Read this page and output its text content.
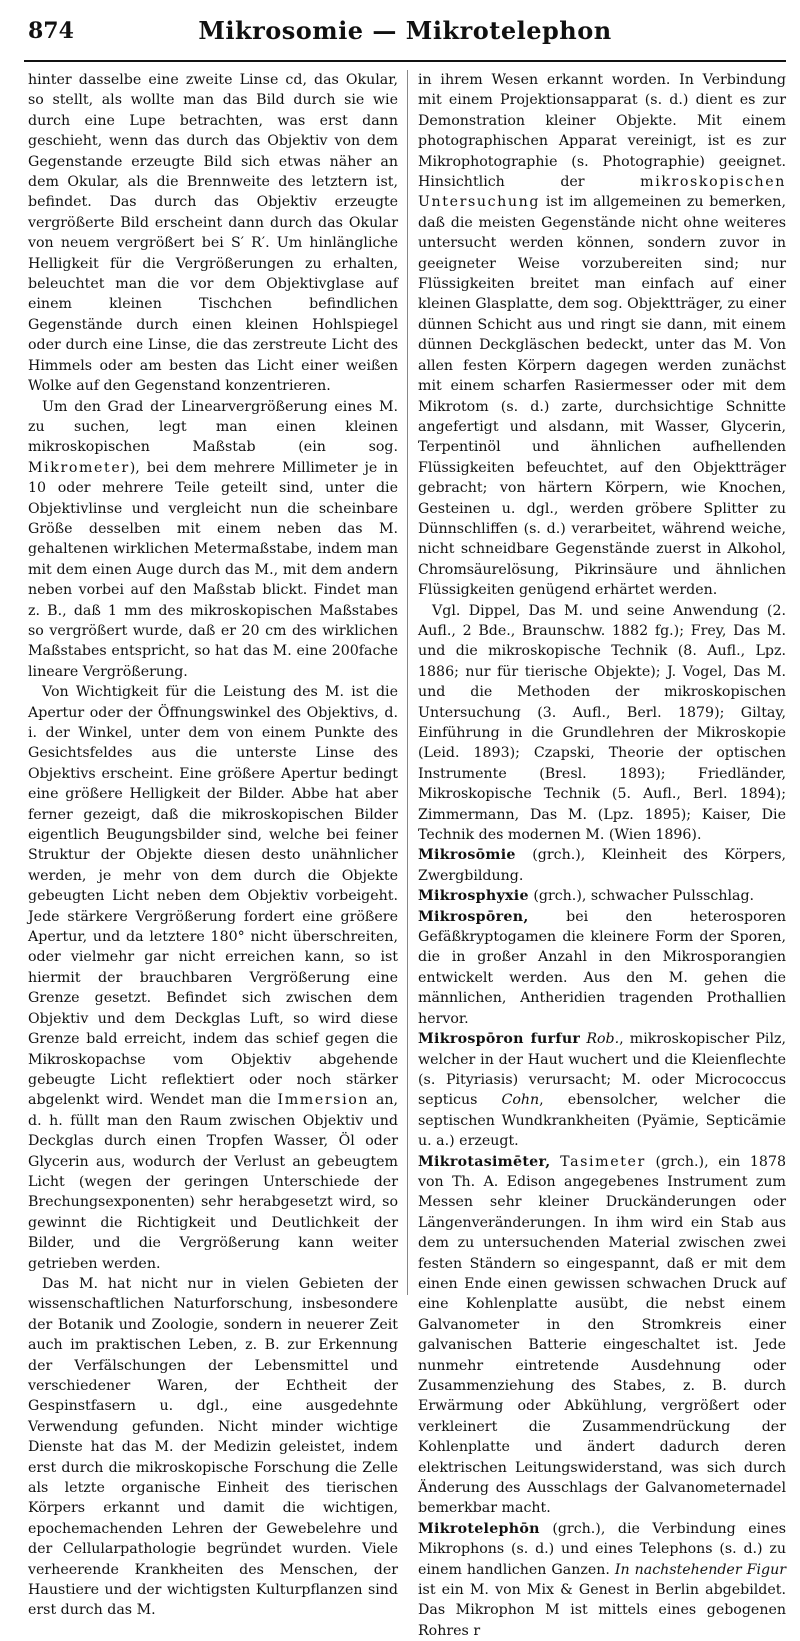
874	Mikrosomie — Mikrotelephon

hinter dasselbe eine zweite Linse cd, das Okular, so stellt, als wollte man das Bild durch sie wie durch eine Lupe betrachten, was erst dann geschieht, wenn das durch das Objektiv von dem Gegenstande erzeugte Bild sich etwas näher an dem Okular, als die Brennweite des letztern ist, befindet. Das durch das Objektiv erzeugte vergrößerte Bild erscheint dann durch das Okular von neuem vergrößert bei S′ R′. Um hinlängliche Helligkeit für die Vergrößerungen zu erhalten, beleuchtet man die vor dem Objektivglase auf einem kleinen Tischchen befindlichen Gegenstände durch einen kleinen Hohlspiegel oder durch eine Linse, die das zerstreute Licht des Himmels oder am besten das Licht einer weißen Wolke auf den Gegenstand konzentrieren.

Um den Grad der Linearvergrößerung eines M. zu suchen, legt man einen kleinen mikroskopischen Maßstab (ein sog. Mikrometer), bei dem mehrere Millimeter je in 10 oder mehrere Teile geteilt sind, unter die Objektivlinse und vergleicht nun die scheinbare Größe desselben mit einem neben das M. gehaltenen wirklichen Metermaßstabe, indem man mit dem einen Auge durch das M., mit dem andern neben vorbei auf den Maßstab blickt. Findet man z. B., daß 1 mm des mikroskopischen Maßstabes so vergrößert wurde, daß er 20 cm des wirklichen Maßstabes entspricht, so hat das M. eine 200fache lineare Vergrößerung.

Von Wichtigkeit für die Leistung des M. ist die Apertur oder der Öffnungswinkel des Objektivs, d. i. der Winkel, unter dem von einem Punkte des Gesichtsfeldes aus die unterste Linse des Objektivs erscheint. Eine größere Apertur bedingt eine größere Helligkeit der Bilder. Abbe hat aber ferner gezeigt, daß die mikroskopischen Bilder eigentlich Beugungsbilder sind, welche bei feiner Struktur der Objekte diesen desto unähnlicher werden, je mehr von dem durch die Objekte gebeugten Licht neben dem Objektiv vorbeigeht. Jede stärkere Vergrößerung fordert eine größere Apertur, und da letztere 180° nicht überschreiten, oder vielmehr gar nicht erreichen kann, so ist hiermit der brauchbaren Vergrößerung eine Grenze gesetzt. Befindet sich zwischen dem Objektiv und dem Deckglas Luft, so wird diese Grenze bald erreicht, indem das schief gegen die Mikroskopachse vom Objektiv abgehende gebeugte Licht reflektiert oder noch stärker abgelenkt wird. Wendet man die Immersion an, d. h. füllt man den Raum zwischen Objektiv und Deckglas durch einen Tropfen Wasser, Öl oder Glycerin aus, wodurch der Verlust an gebeugtem Licht (wegen der geringen Unterschiede der Brechungsexponenten) sehr herabgesetzt wird, so gewinnt die Richtigkeit und Deutlichkeit der Bilder, und die Vergrößerung kann weiter getrieben werden.

Das M. hat nicht nur in vielen Gebieten der wissenschaftlichen Naturforschung, insbesondere der Botanik und Zoologie, sondern in neuerer Zeit auch im praktischen Leben, z. B. zur Erkennung der Verfälschungen der Lebensmittel und verschiedener Waren, der Echtheit der Gespinstfasern u. dgl., eine ausgedehnte Verwendung gefunden. Nicht minder wichtige Dienste hat das M. der Medizin geleistet, indem erst durch die mikroskopische Forschung die Zelle als letzte organische Einheit des tierischen Körpers erkannt und damit die wichtigen, epochemachenden Lehren der Gewebelehre und der Cellularpathologie begründet wurden. Viele verheerende Krankheiten des Menschen, der Haustiere und der wichtigsten Kulturpflanzen sind erst durch das M.

in ihrem Wesen erkannt worden. In Verbindung mit einem Projektionsapparat (s. d.) dient es zur Demonstration kleiner Objekte. Mit einem photographischen Apparat vereinigt, ist es zur Mikrophotographie (s. Photographie) geeignet. Hinsichtlich der	mikroskopischen Untersuchung ist im allgemeinen zu bemerken, daß die meisten Gegenstände nicht ohne weiteres untersucht werden können, sondern zuvor in geeigneter Weise vorzubereiten sind; nur Flüssigkeiten breitet man einfach auf einer kleinen Glasplatte, dem sog. Objektträger, zu einer dünnen Schicht aus und ringt sie dann, mit einem dünnen Deckgläschen bedeckt, unter das M. Von allen festen Körpern dagegen werden zunächst mit einem scharfen Rasiermesser oder mit dem Mikrotom (s. d.) zarte, durchsichtige Schnitte angefertigt und alsdann, mit Wasser, Glycerin, Terpentinöl und ähnlichen aufhellenden Flüssigkeiten befeuchtet, auf den Objektträger gebracht; von härtern Körpern, wie Knochen, Gesteinen u. dgl., werden gröbere Splitter zu Dünnschliffen (s. d.) verarbeitet, während weiche, nicht schneidbare Gegenstände zuerst in Alkohol, Chromsäurelösung, Pikrinsäure und ähnlichen Flüssigkeiten genügend erhärtet werden.

Vgl. Dippel, Das M. und seine Anwendung (2. Aufl., 2 Bde., Braunschw. 1882 fg.); Frey, Das M. und die mikroskopische Technik (8. Aufl., Lpz. 1886; nur für tierische Objekte); J. Vogel, Das M. und die Methoden der mikroskopischen Untersuchung (3. Aufl., Berl. 1879); Giltay, Einführung in die Grundlehren der Mikroskopie (Leid. 1893); Czapski, Theorie der optischen Instrumente (Bresl. 1893); Friedländer, Mikroskopische Technik (5. Aufl., Berl. 1894); Zimmermann, Das M. (Lpz. 1895); Kaiser, Die Technik des modernen M. (Wien 1896).

Mikrosōmie (grch.), Kleinheit des Körpers, Zwergbildung.

Mikrosphyxie (grch.), schwacher Pulsschlag.

Mikrospōren,	bei den heterosporen Gefäßkryptogamen die kleinere Form der Sporen, die in großer Anzahl in den Mikrosporangien entwickelt werden. Aus den M. gehen die männlichen, Antheridien tragenden Prothallien hervor.

Mikrospōron furfur Rob., mikroskopischer Pilz, welcher in der Haut wuchert und die Kleienflechte (s. Pityriasis) verursacht; M. oder Micrococcus septicus Cohn, ebensolcher, welcher die septischen Wundkrankheiten (Pyämie, Septicämie u. a.) erzeugt.

Mikrotasimēter, Tasimeter (grch.), ein 1878 von Th. A. Edison angegebenes Instrument zum Messen sehr kleiner Druckänderungen oder Längenveränderungen. In ihm wird ein Stab aus dem zu untersuchenden Material zwischen zwei festen Ständern so eingespannt, daß er mit dem einen Ende einen gewissen schwachen Druck auf eine Kohlenplatte ausübt, die nebst einem Galvanometer in den Stromkreis einer galvanischen Batterie eingeschaltet ist. Jede nunmehr eintretende Ausdehnung oder Zusammenziehung des Stabes, z. B. durch Erwärmung oder Abkühlung, vergrößert oder verkleinert die Zusammendrückung der Kohlenplatte und ändert dadurch deren elektrischen Leitungswiderstand, was sich durch Änderung des Ausschlags der Galvanometernadel bemerkbar macht.

Mikrotelephōn (grch.), die Verbindung eines Mikrophons (s. d.) und eines Telephons (s. d.) zu einem handlichen Ganzen. In nachstehender Figur ist ein M. von Mix & Genest in Berlin abgebildet. Das Mikrophon M ist mittels eines gebogenen Rohres r
